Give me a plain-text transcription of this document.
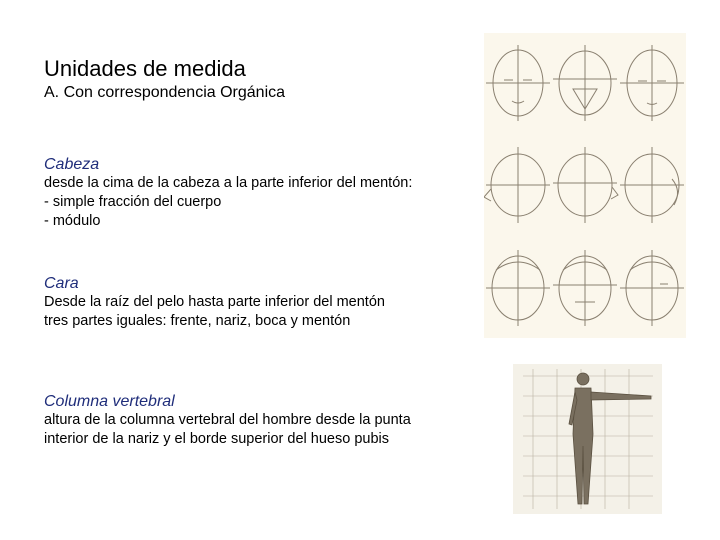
Unidades de medida
A. Con correspondencia Orgánica
Cabeza
desde la cima de la cabeza a la parte inferior del mentón:
- simple fracción del cuerpo
- módulo
Cara
Desde la raíz del pelo hasta parte inferior del mentón
tres partes iguales: frente, nariz, boca y mentón
Columna vertebral
altura de la columna vertebral del hombre desde la punta interior de la nariz y el borde superior del hueso pubis
